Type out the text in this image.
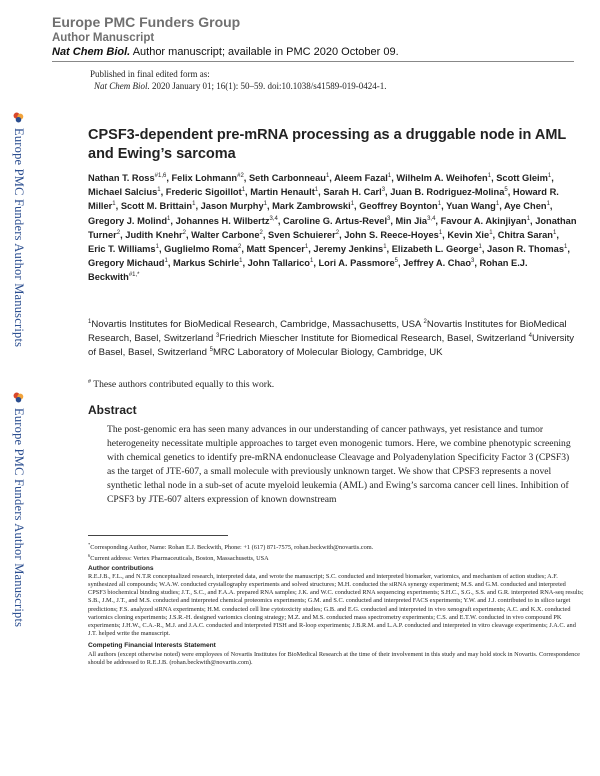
Europe PMC Funders Group
Author Manuscript
Nat Chem Biol. Author manuscript; available in PMC 2020 October 09.
Published in final edited form as:
Nat Chem Biol. 2020 January 01; 16(1): 50–59. doi:10.1038/s41589-019-0424-1.
Europe PMC Funders Author Manuscripts
Europe PMC Funders Author Manuscripts
CPSF3-dependent pre-mRNA processing as a druggable node in AML and Ewing’s sarcoma
Nathan T. Ross$^{\#1,6}$, Felix Lohmann$^{\#2}$, Seth Carbonneau$^1$, Aleem Fazal$^1$, Wilhelm A. Weihofen$^1$, Scott Gleim$^1$, Michael Salcius$^1$, Frederic Sigoillot$^1$, Martin Henault$^1$, Sarah H. Carl$^3$, Juan B. Rodriguez-Molina$^5$, Howard R. Miller$^1$, Scott M. Brittain$^1$, Jason Murphy$^1$, Mark Zambrowski$^1$, Geoffrey Boynton$^1$, Yuan Wang$^1$, Aye Chen$^1$, Gregory J. Molind$^1$, Johannes H. Wilbertz$^{3,4}$, Caroline G. Artus-Revel$^3$, Min Jia$^{3,4}$, Favour A. Akinjiyan$^1$, Jonathan Turner$^2$, Judith Knehr$^2$, Walter Carbone$^2$, Sven Schuierer$^2$, John S. Reece-Hoyes$^1$, Kevin Xie$^1$, Chitra Saran$^1$, Eric T. Williams$^1$, Guglielmo Roma$^2$, Matt Spencer$^1$, Jeremy Jenkins$^1$, Elizabeth L. George$^1$, Jason R. Thomas$^1$, Gregory Michaud$^1$, Markus Schirle$^1$, John Tallarico$^1$, Lori A. Passmore$^5$, Jeffrey A. Chao$^3$, Rohan E.J. Beckwith$^{\#1,*}$
$^1$Novartis Institutes for BioMedical Research, Cambridge, Massachusetts, USA $^2$Novartis Institutes for BioMedical Research, Basel, Switzerland $^3$Friedrich Miescher Institute for Biomedical Research, Basel, Switzerland $^4$University of Basel, Basel, Switzerland $^5$MRC Laboratory of Molecular Biology, Cambridge, UK
# These authors contributed equally to this work.
Abstract
The post-genomic era has seen many advances in our understanding of cancer pathways, yet resistance and tumor heterogeneity necessitate multiple approaches to target even monogenic tumors. Here, we combine phenotypic screening with chemical genetics to identify pre-mRNA endonuclease Cleavage and Polyadenylation Specificity Factor 3 (CPSF3) as the target of JTE-607, a small molecule with previously unknown target. We show that CPSF3 represents a novel synthetic lethal node in a sub-set of acute myeloid leukemia (AML) and Ewing’s sarcoma cancer cell lines. Inhibition of CPSF3 by JTE-607 alters expression of known downstream
*Corresponding Author, Name: Rohan E.J. Beckwith, Phone: +1 (617) 871-7575, rohan.beckwith@novartis.com.
$^6$Current address: Vertex Pharmaceuticals, Boston, Massachusetts, USA
Author contributions
R.E.J.B., F.L., and N.T.R conceptualized research, interpreted data, and wrote the manuscript; S.C. conducted and interpreted biomarker, variomics, and mechanism of action studies; A.F. synthesized all compounds; W.A.W. conducted crystallography experiments and solved structures; M.H. conducted the siRNA synergy experiment; M.S. and G.M. conducted and interpreted CPSF3 biochemical binding studies; J.T., S.C., and F.A.A. prepared RNA samples; J.K. and W.C. conducted RNA sequencing experiments; S.H.C., S.G., S.S. and G.R. interpreted RNA-seq results; S.B., J.M., J.T., and M.S. conducted and interpreted chemical proteomics experiments; G.M. and S.C. conducted and interpreted FACS experiments; Y.W. and J.J. contributed to in silico target predictions; F.S. analyzed siRNA experiments; H.M. conducted cell line cytotoxicity studies; G.B. and E.G. conducted and interpreted in vivo xenograft experiments; A.C. and K.X. conducted variomics cloning experiments; J.S.R.-H. designed variomics cloning strategy; M.Z. and M.S. conducted mass spectrometry experiments; C.S. and E.T.W. conducted in vivo compound PK experiments; J.H.W., C.A.-R., M.J. and J.A.C. conducted and interpreted FISH and R-loop experiments; J.B.R.M. and L.A.P. conducted and interpreted in vitro cleavage experiments; J.A.C. and J.T. helped write the manuscript.
Competing Financial Interests Statement
All authors (except otherwise noted) were employees of Novartis Institutes for BioMedical Research at the time of their involvement in this study and may hold stock in Novartis. Correspondence should be addressed to R.E.J.B. (rohan.beckwith@novartis.com).
